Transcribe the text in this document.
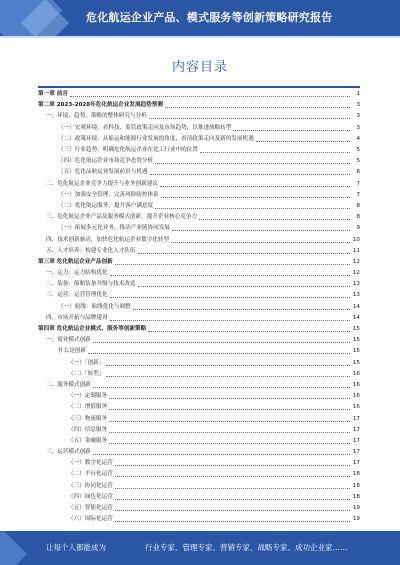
危化航运企业产品、模式服务等创新策略研究报告
内容目录
第一章 前言	1
第二章 2023-2028年危化航运企业发展趋势预测	3
一、环境、趋势、策略的整体研究与分析	3
（一）宏观环境：看科技、监管政策走向及市场趋势，以推进战略转型	3
（二）政策环境：从船运和能源行业发展的角度，看清政策走向及新的发展机遇	4
（三）行业趋势：明确危化航运企业在化工行业中的位置	5
（四）危化航运企业市场竞争态势分析	5
（五）危化品航运业发展前景与机遇	6
二、危化航运企业竞争力提升与业务创新建议	7
（一）加强安全管理，完善风险防控体系	7
（二）优化航运服务，提升客户满意度	8
三、危化航运企业产品及服务模式创新，提升企业核心竞争力	8
（一）拓展多元化业务，推动产业链协同发展	9
四、技术创新驱动，加快危化航运企业数字化转型	10
五、人才培养：构建专业化人才队伍	11
第三章 危化航运企业产品创新	12
一、运力：运力结构优化	12
二、装备：船舶装备升级与技术改造	13
三、运营：运营管理优化	13
（一）航线：航线优化与调整	14
四、市场开拓与品牌建设	14
第四章 危化航运企业模式、服务等创新策略	15
一、商业模式创新	15
什么是创新	15
（一）「创新」	15
（二）「转型」	16
二、服务模式创新	16
（一）定制服务	16
（二）增值服务	16
（三）物流服务	17
（四）信息服务	17
（五）金融服务	17
三、运营模式创新	17
（一）数字化运营	17
（二）平台化运营	18
（三）协同化运营	18
（四）绿色化运营	18
（五）智能化运营	19
（六）国际化运营	19
让每个人都能成为	行业专家、管理专家、营销专家、战略专家、成功企业家……
